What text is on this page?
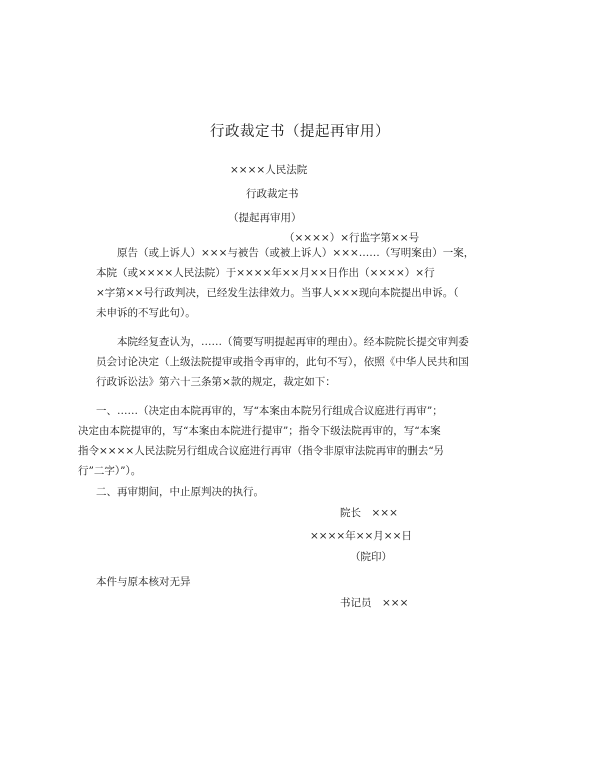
行政裁定书（提起再审用）
××××人民法院
行政裁定书
（提起再审用）
（××××）×行监字第××号
原告（或上诉人）×××与被告（或被上诉人）×××……（写明案由）一案，
本院（或××××人民法院）于××××年××月××日作出（××××）×行
×字第××号行政判决，已经发生法律效力。当事人×××现向本院提出申诉。（
未申诉的不写此句）。
本院经复查认为，……（简要写明提起再审的理由）。经本院院长提交审判委
员会讨论决定（上级法院提审或指令再审的，此句不写），依照《中华人民共和国
行政诉讼法》第六十三条第×款的规定，裁定如下：
一、……（决定由本院再审的，写“本案由本院另行组成合议庭进行再审”；
决定由本院提审的，写“本案由本院进行提审”；指令下级法院再审的，写“本案
指令××××人民法院另行组成合议庭进行再审（指令非原审法院再审的删去“另
行”二字）”）。
二、再审期间，中止原判决的执行。
院长　×××
××××年××月××日
（院印）
本件与原本核对无异
书记员　×××
